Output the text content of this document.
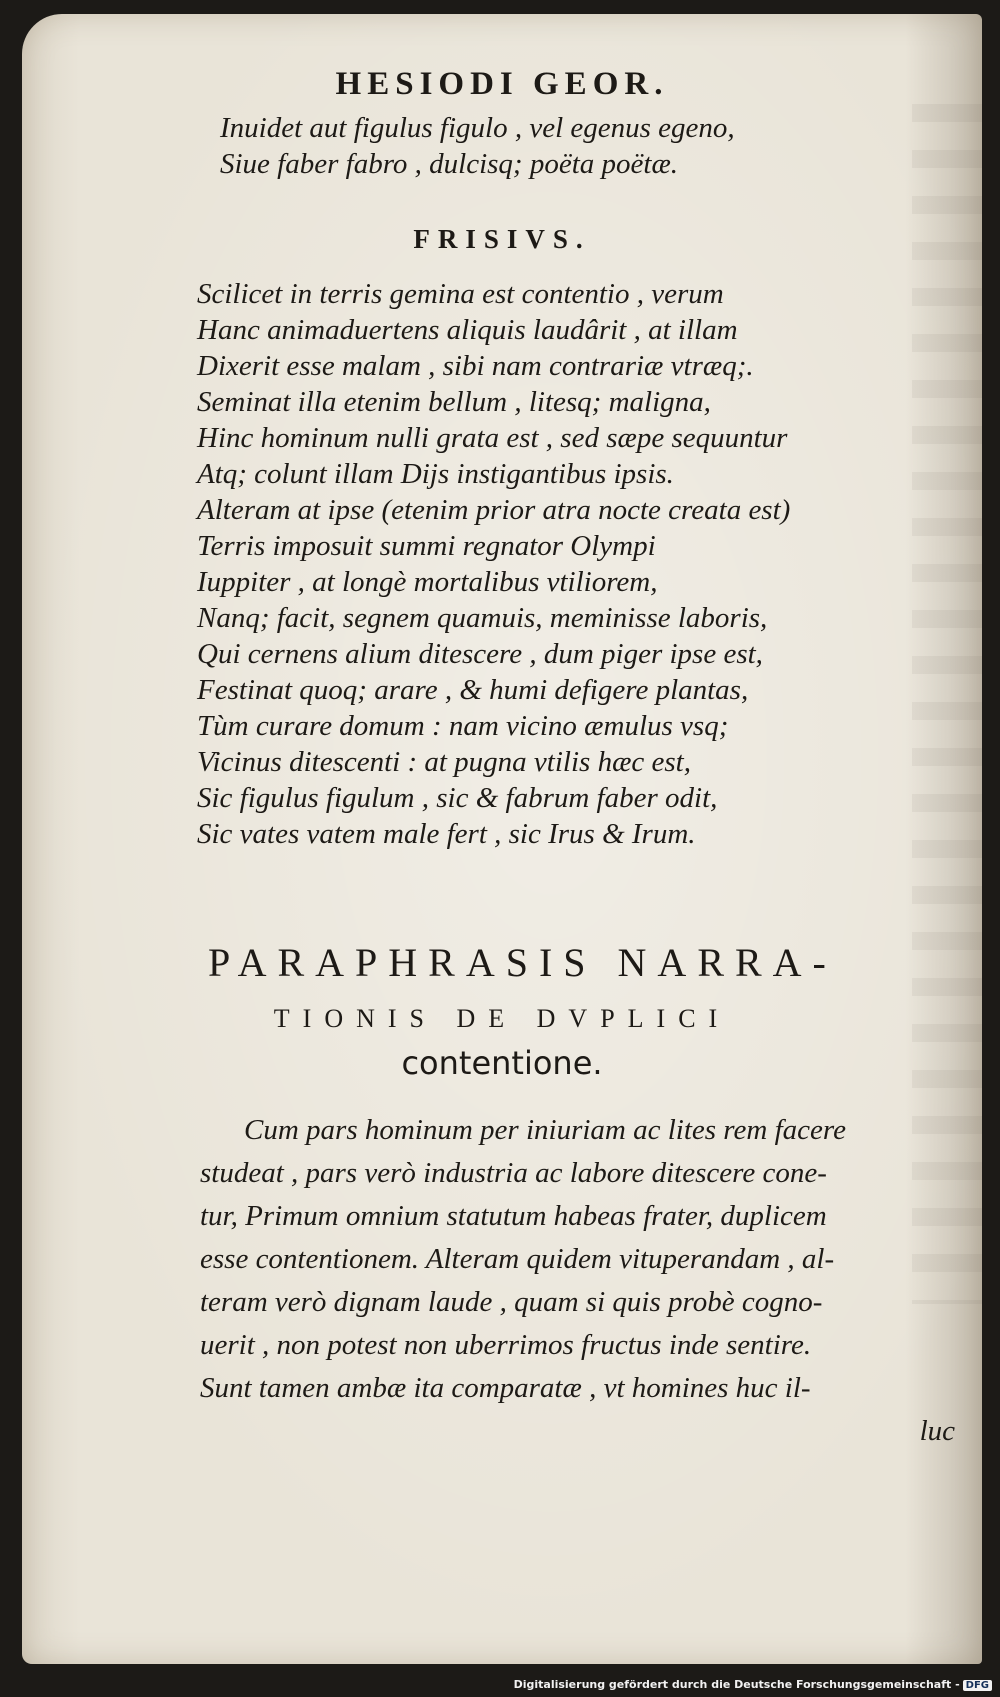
HESIODI GEOR.
Inuidet aut figulus figulo , vel egenus egeno,
Siue faber fabro , dulcisq; poëta poëtæ.
FRISIVS.
Scilicet in terris gemina est contentio , verum
Hanc animaduertens aliquis laudârit , at illam
Dixerit esse malam , sibi nam contrariæ vtræq;.
Seminat illa etenim bellum , litesq; maligna,
Hinc hominum nulli grata est , sed sæpe sequuntur
Atq; colunt illam Dijs instigantibus ipsis.
Alteram at ipse (etenim prior atra nocte creata est)
Terris imposuit summi regnator Olympi
Iuppiter , at longè mortalibus vtiliorem,
Nanq; facit, segnem quamuis, meminisse laboris,
Qui cernens alium ditescere , dum piger ipse est,
Festinat quoq; arare , & humi defigere plantas,
Tùm curare domum : nam vicino æmulus vsq;
Vicinus ditescenti : at pugna vtilis hæc est,
Sic figulus figulum , sic & fabrum faber odit,
Sic vates vatem male fert , sic Irus & Irum.
PARAPHRASIS NARRA-
TIONIS DE DVPLICI
contentione.
Cum pars hominum per iniuriam ac lites rem facere
studeat , pars verò industria ac labore ditescere cone-
tur, Primum omnium statutum habeas frater, duplicem
esse contentionem. Alteram quidem vituperandam , al-
teram verò dignam laude , quam si quis probè cogno-
uerit , non potest non uberrimos fructus inde sentire.
Sunt tamen ambæ ita comparatæ , vt homines huc il-
luc
Digitalisierung gefördert durch die Deutsche Forschungsgemeinschaft - DFG
